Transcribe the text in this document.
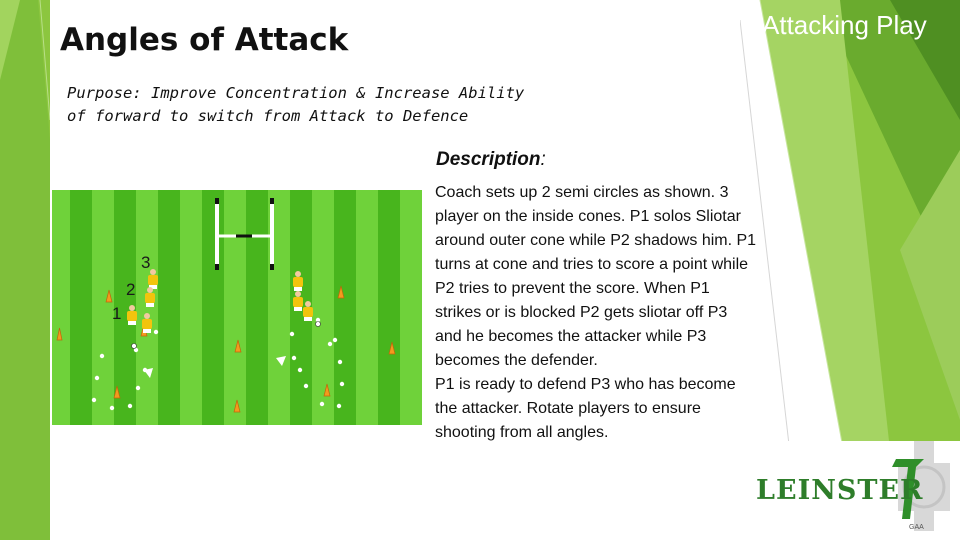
Angles of Attack	Attacking Play
Purpose: Improve Concentration & Increase Ability
of forward to switch from Attack to Defence
Description:

Coach sets up 2 semi circles as shown. 3 player on the inside cones. P1 solos Sliotar around outer cone while P2 shadows him. P1 turns at cone and tries to score a point while P2 tries to prevent the score. When P1 strikes or is blocked P2 gets sliotar off P3 and he becomes the attacker while P3 becomes the defender.

P1 is ready to defend P3 who has become the attacker. Rotate players to ensure shooting from all angles.

3
2
1
LEINSTER
GAA
